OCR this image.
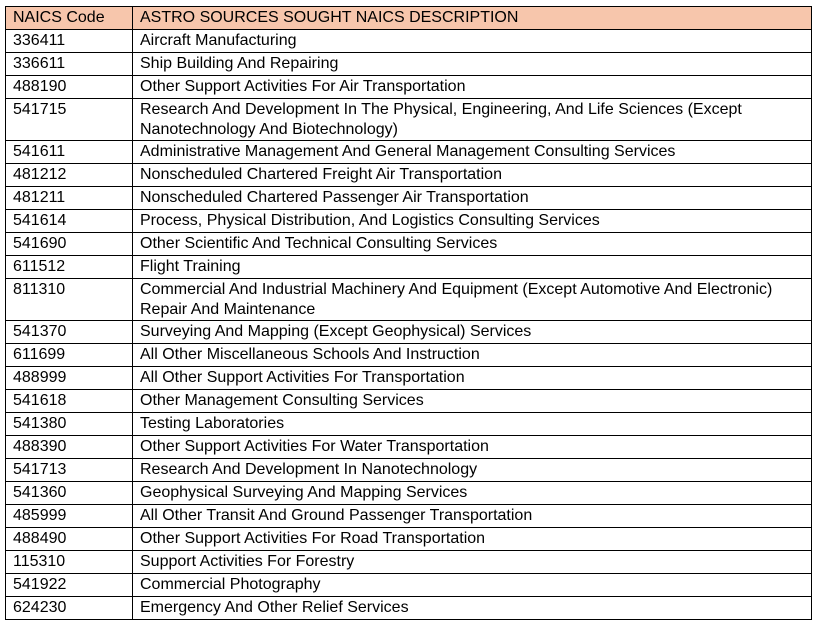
NAICS Code	ASTRO SOURCES SOUGHT NAICS DESCRIPTION
336411	Aircraft Manufacturing
336611	Ship Building And Repairing
488190	Other Support Activities For Air Transportation
541715	Research And Development In The Physical, Engineering, And Life Sciences (Except Nanotechnology And Biotechnology)
541611	Administrative Management And General Management Consulting Services
481212	Nonscheduled Chartered Freight Air Transportation
481211	Nonscheduled Chartered Passenger Air Transportation
541614	Process, Physical Distribution, And Logistics Consulting Services
541690	Other Scientific And Technical Consulting Services
611512	Flight Training
811310	Commercial And Industrial Machinery And Equipment (Except Automotive And Electronic) Repair And Maintenance
541370	Surveying And Mapping (Except Geophysical) Services
611699	All Other Miscellaneous Schools And Instruction
488999	All Other Support Activities For Transportation
541618	Other Management Consulting Services
541380	Testing Laboratories
488390	Other Support Activities For Water Transportation
541713	Research And Development In Nanotechnology
541360	Geophysical Surveying And Mapping Services
485999	All Other Transit And Ground Passenger Transportation
488490	Other Support Activities For Road Transportation
115310	Support Activities For Forestry
541922	Commercial Photography
624230	Emergency And Other Relief Services
